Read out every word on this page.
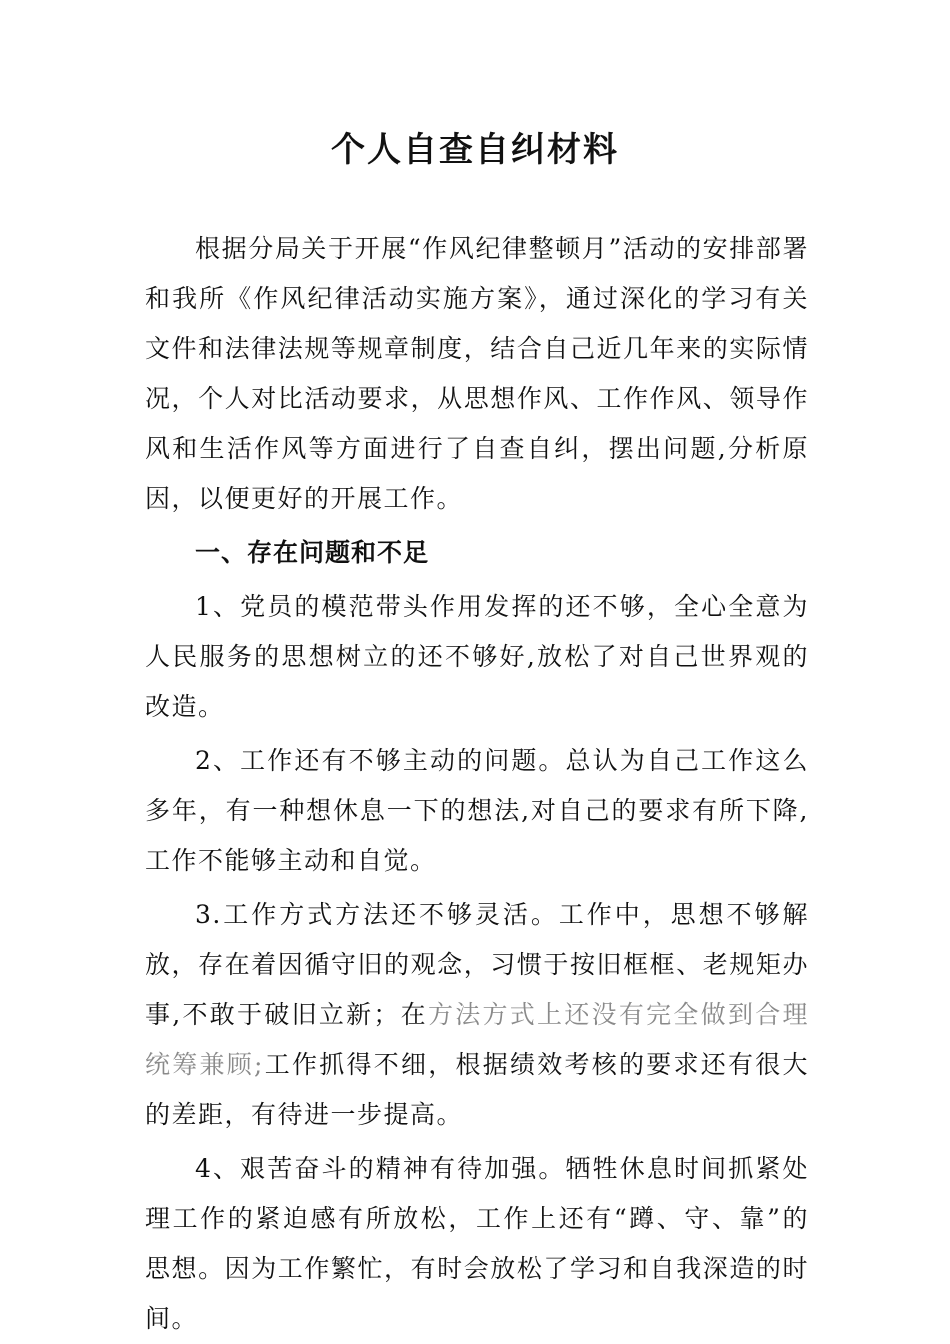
个人自查自纠材料

根据分局关于开展“作风纪律整顿月”活动的安排部署和我所《作风纪律活动实施方案》，通过深化的学习有关文件和法律法规等规章制度，结合自己近几年来的实际情况，个人对比活动要求，从思想作风、工作作风、领导作风和生活作风等方面进行了自查自纠，摆出问题,分析原因，以便更好的开展工作。

一、存在问题和不足

1、党员的模范带头作用发挥的还不够，全心全意为人民服务的思想树立的还不够好,放松了对自己世界观的改造。

2、工作还有不够主动的问题。总认为自己工作这么多年，有一种想休息一下的想法,对自己的要求有所下降,工作不能够主动和自觉。

3.工作方式方法还不够灵活。工作中，思想不够解放，存在着因循守旧的观念，习惯于按旧框框、老规矩办事,不敢于破旧立新；在方法方式上还没有完全做到合理统筹兼顾;工作抓得不细，根据绩效考核的要求还有很大的差距，有待进一步提高。

4、艰苦奋斗的精神有待加强。牺牲休息时间抓紧处理工作的紧迫感有所放松，工作上还有“蹲、守、靠”的思想。因为工作繁忙，有时会放松了学习和自我深造的时间。
